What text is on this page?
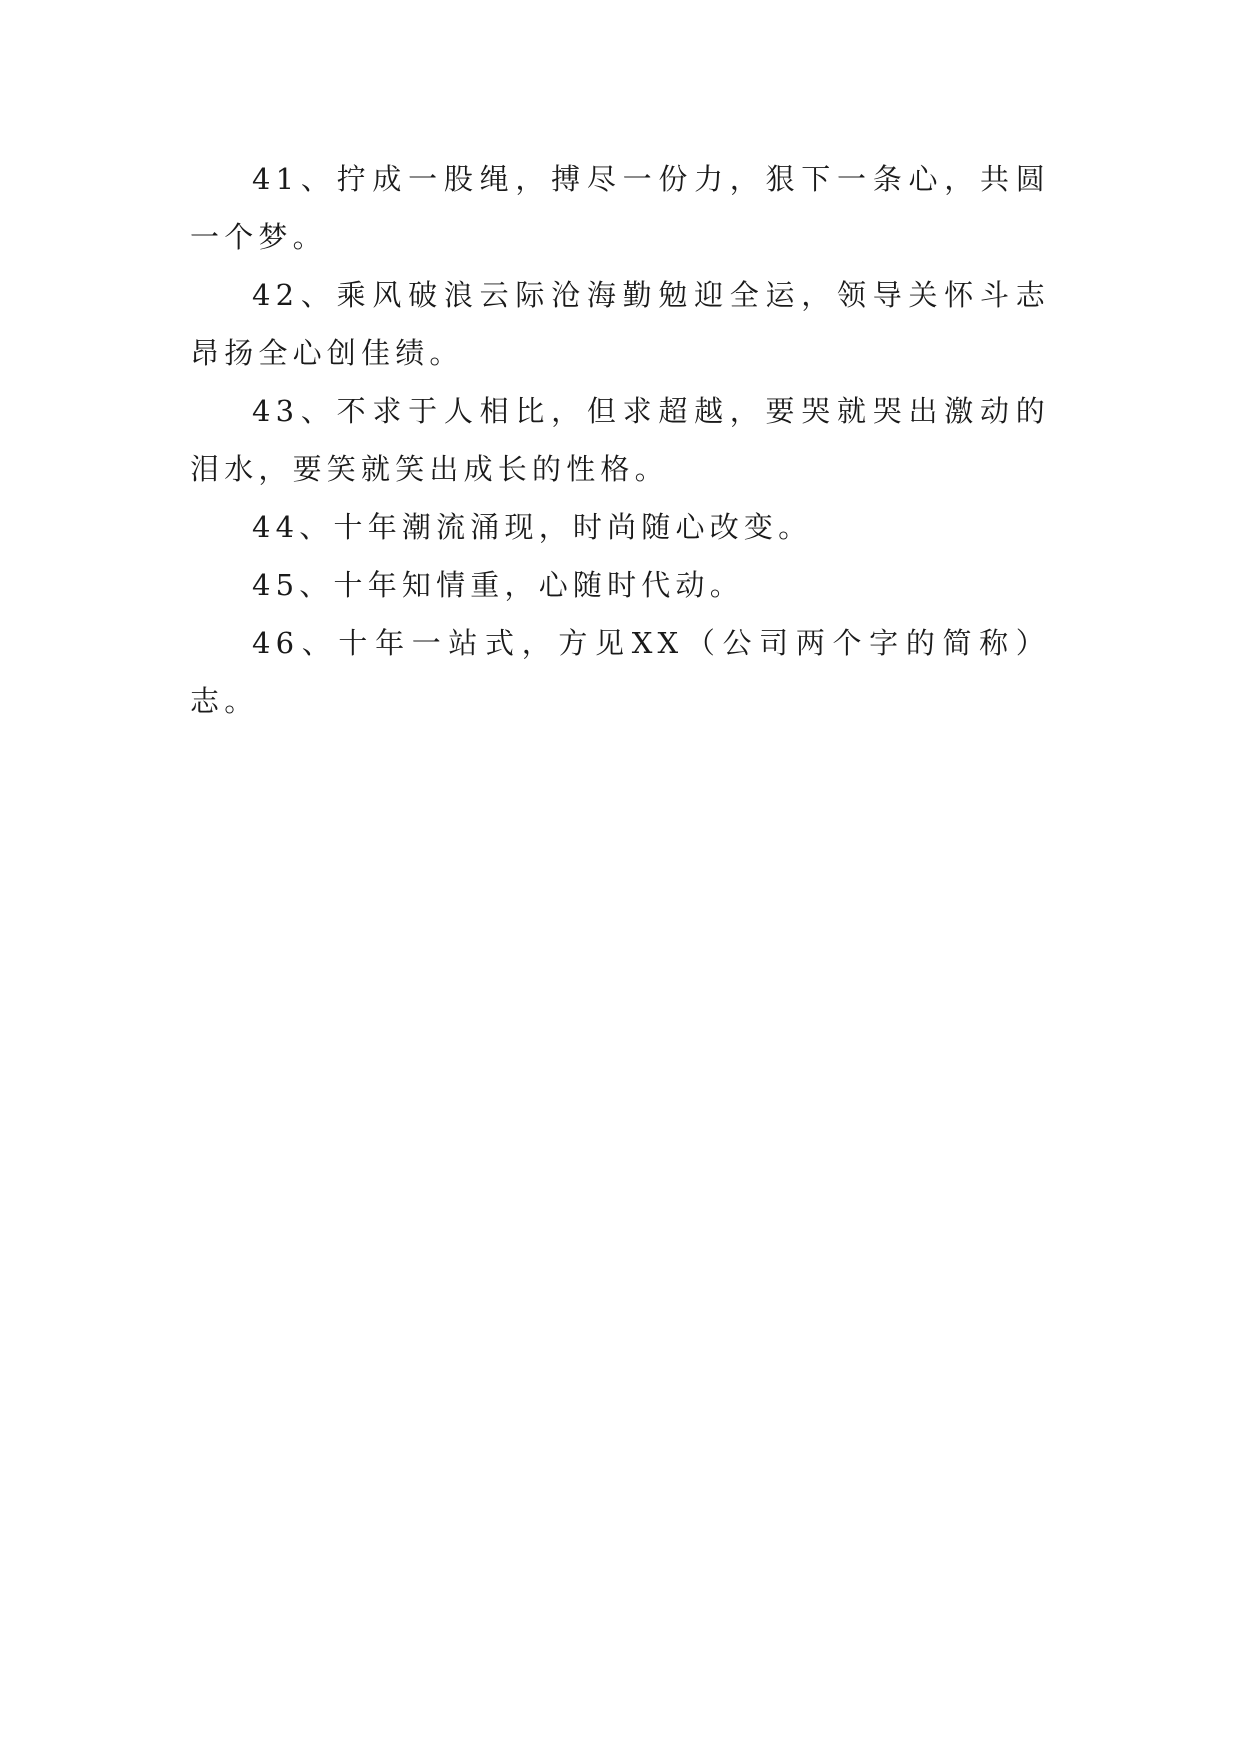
41、拧成一股绳，搏尽一份力，狠下一条心，共圆一个梦。

42、乘风破浪云际沧海勤勉迎全运，领导关怀斗志昂扬全心创佳绩。

43、不求于人相比，但求超越，要哭就哭出激动的泪水，要笑就笑出成长的性格。

44、十年潮流涌现，时尚随心改变。

45、十年知情重，心随时代动。

46、十年一站式，方见XX（公司两个字的简称）志。
